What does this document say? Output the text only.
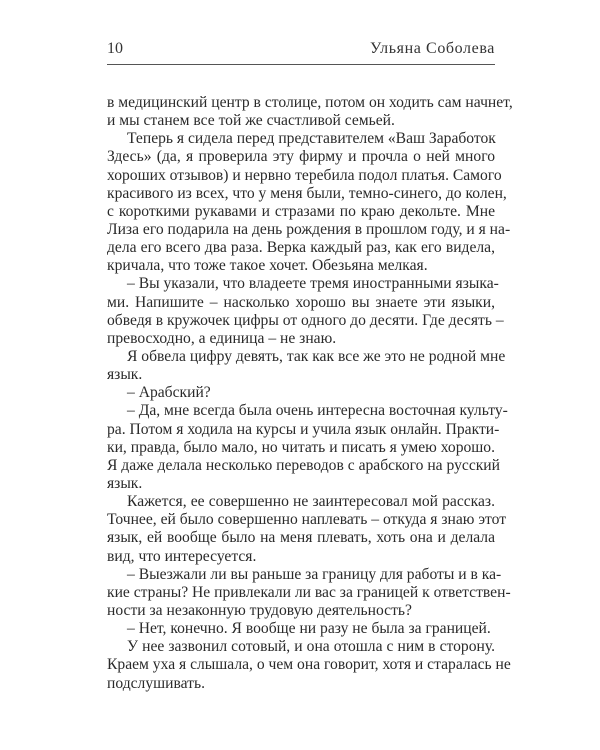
10	Ульяна Соболева
в медицинский центр в столице, потом он ходить сам начнет,
и мы станем все той же счастливой семьей.
Теперь я сидела перед представителем «Ваш Заработок
Здесь» (да, я проверила эту фирму и прочла о ней много
хороших отзывов) и нервно теребила подол платья. Самого
красивого из всех, что у меня были, темно-синего, до колен,
с короткими рукавами и стразами по краю декольте. Мне
Лиза его подарила на день рождения в прошлом году, и я на-
дела его всего два раза. Верка каждый раз, как его видела,
кричала, что тоже такое хочет. Обезьяна мелкая.
– Вы указали, что владеете тремя иностранными языка-
ми. Напишите – насколько хорошо вы знаете эти языки,
обведя в кружочек цифры от одного до десяти. Где десять –
превосходно, а единица – не знаю.
Я обвела цифру девять, так как все же это не родной мне
язык.
– Арабский?
– Да, мне всегда была очень интересна восточная культу-
ра. Потом я ходила на курсы и учила язык онлайн. Практи-
ки, правда, было мало, но читать и писать я умею хорошо.
Я даже делала несколько переводов с арабского на русский
язык.
Кажется, ее совершенно не заинтересовал мой рассказ.
Точнее, ей было совершенно наплевать – откуда я знаю этот
язык, ей вообще было на меня плевать, хоть она и делала
вид, что интересуется.
– Выезжали ли вы раньше за границу для работы и в ка-
кие страны? Не привлекали ли вас за границей к ответствен-
ности за незаконную трудовую деятельность?
– Нет, конечно. Я вообще ни разу не была за границей.
У нее зазвонил сотовый, и она отошла с ним в сторону.
Краем уха я слышала, о чем она говорит, хотя и старалась не
подслушивать.
